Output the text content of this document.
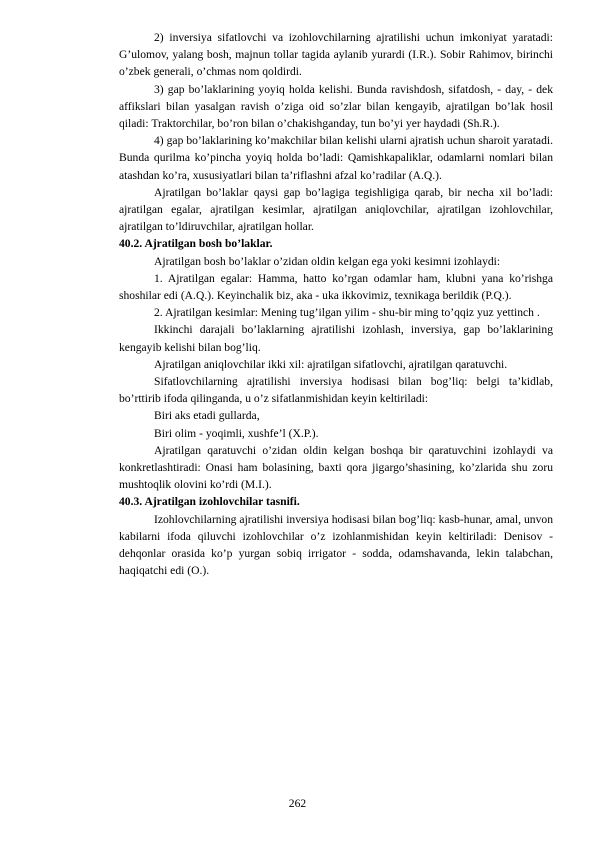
2) inversiya sifatlovchi va izohlovchilarning ajratilishi uchun imkoniyat yaratadi: G’ulomov, yalang bosh, majnun tollar tagida aylanib yurardi (I.R.). Sobir Rahimov, birinchi o’zbek generali, o’chmas nom qoldirdi.

3) gap bo’laklarining yoyiq holda kelishi. Bunda ravishdosh, sifatdosh, - day, - dek affikslari bilan yasalgan ravish o’ziga oid so’zlar bilan kengayib, ajratilgan bo’lak hosil qiladi: Traktorchilar, bo’ron bilan o’chakishganday, tun bo’yi yer haydadi (Sh.R.).

4) gap bo’laklarining ko’makchilar bilan kelishi ularni ajratish uchun sharoit yaratadi. Bunda qurilma ko’pincha yoyiq holda bo’ladi: Qamishkapaliklar, odamlarni nomlari bilan atashdan ko’ra, xususiyatlari bilan ta’riflashni afzal ko’radilar (A.Q.).

Ajratilgan bo’laklar qaysi gap bo’lagiga tegishligiga qarab, bir necha xil bo’ladi: ajratilgan egalar, ajratilgan kesimlar, ajratilgan aniqlovchilar, ajratilgan izohlovchilar, ajratilgan to’ldiruvchilar, ajratilgan hollar.

40.2. Ajratilgan bosh bo’laklar.

Ajratilgan bosh bo’laklar o’zidan oldin kelgan ega yoki kesimni izohlaydi:

1. Ajratilgan egalar: Hamma, hatto ko’rgan odamlar ham, klubni yana ko’rishga shoshilar edi (A.Q.). Keyinchalik biz, aka - uka ikkovimiz, texnikaga berildik (P.Q.).

2. Ajratilgan kesimlar: Mening tug’ilgan yilim - shu-bir ming to’qqiz yuz yettinch .

Ikkinchi darajali bo’laklarning ajratilishi izohlash, inversiya, gap bo’laklarining kengayib kelishi bilan bog’liq.

Ajratilgan aniqlovchilar ikki xil: ajratilgan sifatlovchi, ajratilgan qaratuvchi.

Sifatlovchilarning ajratilishi inversiya hodisasi bilan bog’liq: belgi ta’kidlab, bo’rttirib ifoda qilinganda, u o’z sifatlanmishidan keyin keltiriladi:

Biri aks etadi gullarda,

Biri olim - yoqimli, xushfe’l (X.P.).

Ajratilgan qaratuvchi o’zidan oldin kelgan boshqa bir qaratuvchini izohlaydi va konkretlashtiradi: Onasi ham bolasining, baxti qora jigargo’shasining, ko’zlarida shu zoru mushtoqlik olovini ko’rdi (M.I.).

40.3. Ajratilgan izohlovchilar tasnifi.

Izohlovchilarning ajratilishi inversiya hodisasi bilan bog’liq: kasb-hunar, amal, unvon kabilarni ifoda qiluvchi izohlovchilar o’z izohlanmishidan keyin keltiriladi: Denisov - dehqonlar orasida ko’p yurgan sobiq irrigator - sodda, odamshavanda, lekin talabchan, haqiqatchi edi (O.).

262
